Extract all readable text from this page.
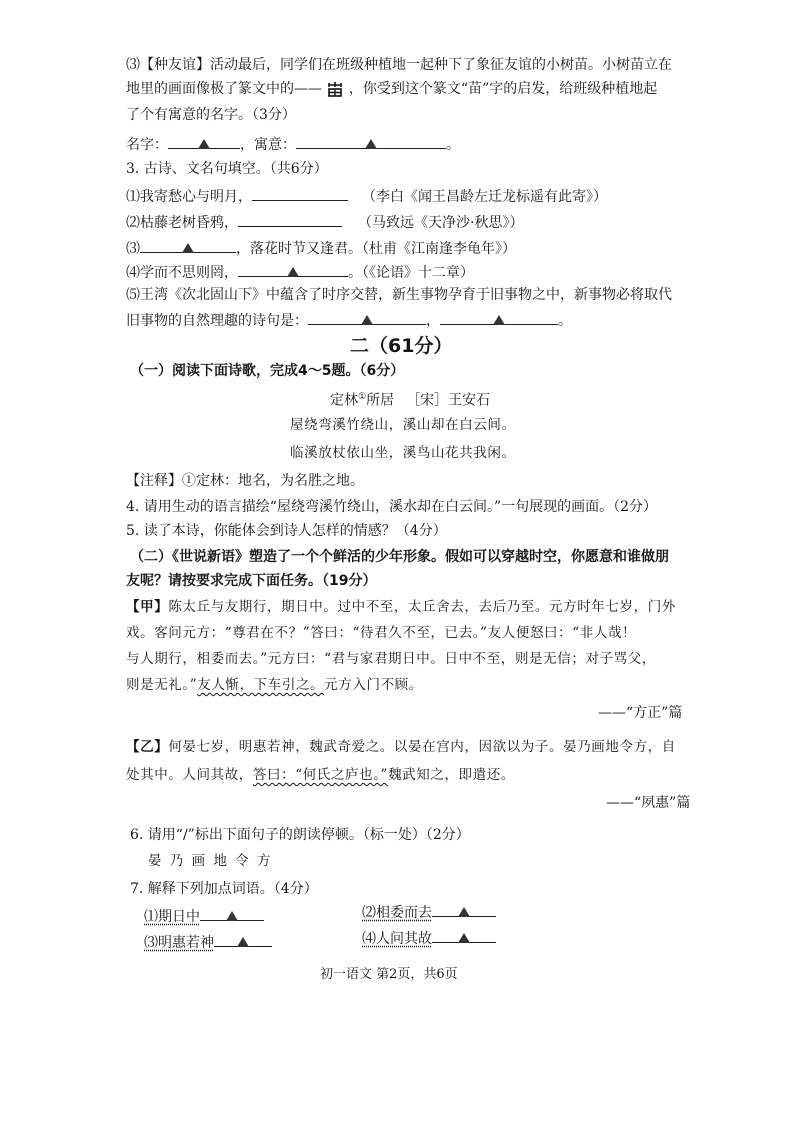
⑶【种友谊】活动最后，同学们在班级种植地一起种下了象征友谊的小树苗。小树苗立在
地里的画面像极了篆文中的—— ，你受到这个篆文“苗”字的启发，给班级种植地起
了个有寓意的名字。（3分）
名字：	，寓意：	。
3. 古诗、文名句填空。（共6分）
⑴我寄愁心与明月，	（李白《闻王昌龄左迁龙标遥有此寄》）
⑵枯藤老树昏鸦，	（马致远《天净沙·秋思》）
⑶	，落花时节又逢君。（杜甫《江南逢李龟年》）
⑷学而不思则罔，	。（《论语》十二章）
⑸王湾《次北固山下》中蕴含了时序交替，新生事物孕育于旧事物之中，新事物必将取代
旧事物的自然理趣的诗句是：	，	。
二（61分）
（一）阅读下面诗歌，完成4～5题。（6分）
定林①所居 ［宋］王安石
屋绕弯溪竹绕山，溪山却在白云间。
临溪放杖依山坐，溪鸟山花共我闲。
【注释】①定林：地名，为名胜之地。
4. 请用生动的语言描绘“屋绕弯溪竹绕山，溪水却在白云间。”一句展现的画面。（2分）
5. 读了本诗，你能体会到诗人怎样的情感？（4分）
（二）《世说新语》塑造了一个个鲜活的少年形象。假如可以穿越时空，你愿意和谁做朋
友呢？请按要求完成下面任务。（19分）
【甲】陈太丘与友期行，期日中。过中不至，太丘舍去，去后乃至。元方时年七岁，门外
戏。客问元方：“尊君在不？”答曰：“待君久不至，已去。”友人便怒曰：“非人哉！
与人期行，相委而去。”元方曰：“君与家君期日中。日中不至，则是无信；对子骂父，
则是无礼。”友人惭，下车引之。元方入门不顾。
——“方正”篇
【乙】何晏七岁，明惠若神，魏武奇爱之。以晏在宫内，因欲以为子。晏乃画地令方，自
处其中。人问其故，答曰：“何氏之庐也。”魏武知之，即遣还。
——“夙惠”篇
6. 请用“/”标出下面句子的朗读停顿。（标一处）（2分）
晏 乃 画 地 令 方
7. 解释下列加点词语。（4分）
⑴期日中	⑵相委而去
⑶明惠若神	⑷人问其故
初一语文 第2页，共6页
